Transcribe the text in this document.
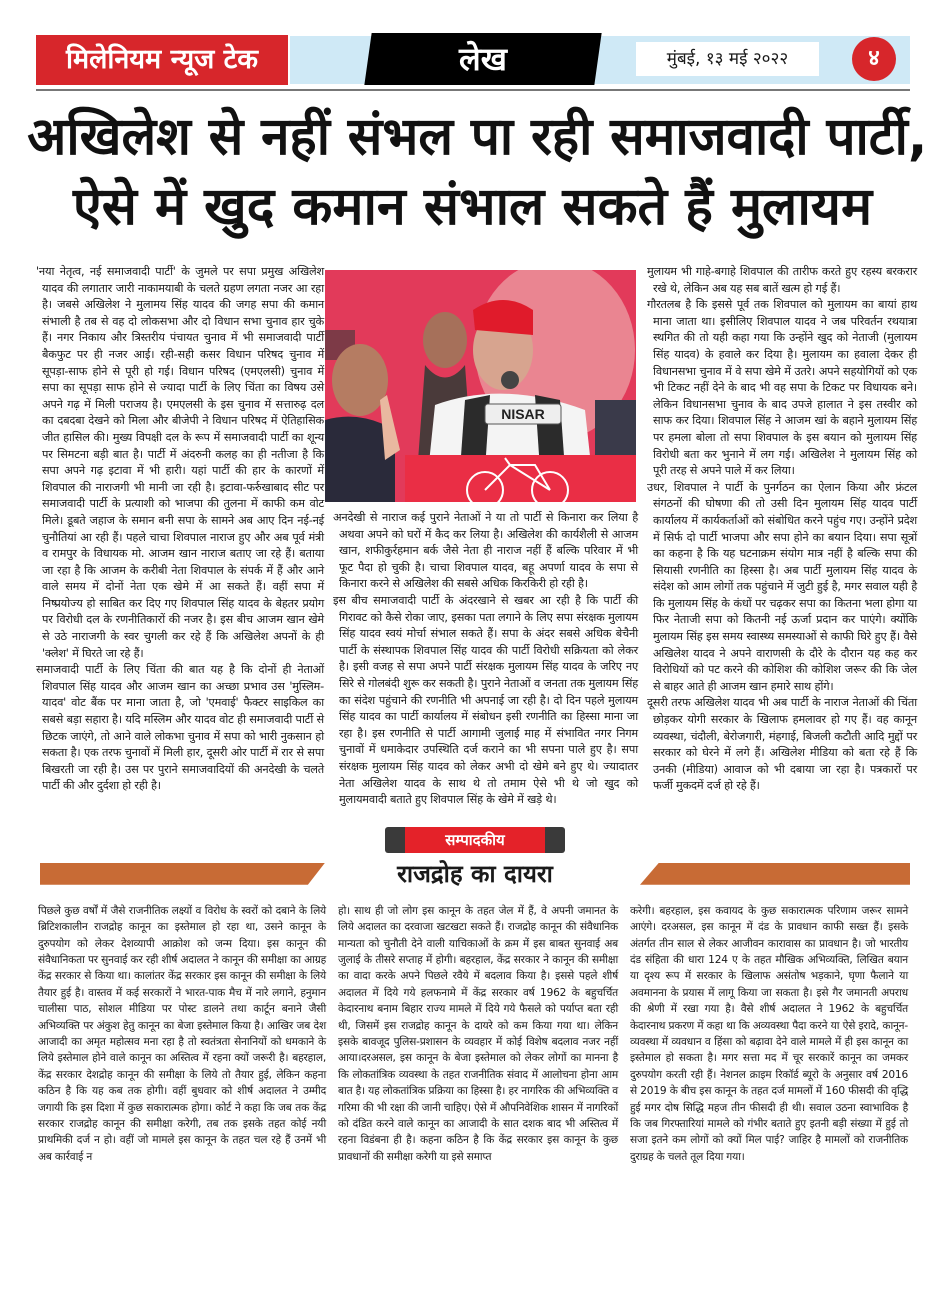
मिलेनियम न्यूज टेक	लेख	मुंबई, १३ मई २०२२	४
अखिलेश से नहीं संभल पा रही समाजवादी पार्टी,
ऐसे में खुद कमान संभाल सकते हैं मुलायम

'नया नेतृत्व, नई समाजवादी पार्टी' के जुमले पर सपा प्रमुख अखिलेश यादव की लगातार जारी नाकामयाबी के चलते ग्रहण लगता नजर आ रहा है। जबसे अखिलेश ने मुलामय सिंह यादव की जगह सपा की कमान संभाली है तब से वह दो लोकसभा और दो विधान सभा चुनाव हार चुके हैं। नगर निकाय और त्रिस्तरीय पंचायत चुनाव में भी समाजवादी पार्टी बैकफुट पर ही नजर आई। रही-सही कसर विधान परिषद चुनाव में सूपड़ा-साफ होने से पूरी हो गई। विधान परिषद (एमएलसी) चुनाव में सपा का सूपड़ा साफ होने से ज्यादा पार्टी के लिए चिंता का विषय उसे अपने गढ़ में मिली पराजय है। एमएलसी के इस चुनाव में सत्तारुढ़ दल का दबदबा देखने को मिला और बीजेपी ने विधान परिषद में ऐतिहासिक जीत हासिल की। मुख्य विपक्षी दल के रूप में समाजवादी पार्टी का शून्य पर सिमटना बड़ी बात है। पार्टी में अंदरुनी कलह का ही नतीजा है कि सपा अपने गढ़ इटावा में भी हारी। यहां पार्टी की हार के कारणों में शिवपाल की नाराजगी भी मानी जा रही है। इटावा-फर्रुखाबाद सीट पर समाजवादी पार्टी के प्रत्याशी को भाजपा की तुलना में काफी कम वोट मिले। डूबते जहाज के समान बनी सपा के सामने अब आए दिन नई-नई चुनौतियां आ रही हैं। पहले चाचा शिवपाल नाराज हुए और अब पूर्व मंत्री व रामपुर के विधायक मो. आजम खान नाराज बताए जा रहे हैं। बताया जा रहा है कि आजम के करीबी नेता शिवपाल के संपर्क में हैं और आने वाले समय में दोनों नेता एक खेमे में आ सकते हैं। वहीं सपा में निष्प्रयोज्य हो साबित कर दिए गए शिवपाल सिंह यादव के बेहतर प्रयोग पर विरोधी दल के रणनीतिकारों की नजर है। इस बीच आजम खान खेमे से उठे नाराजगी के स्वर चुगली कर रहे हैं कि अखिलेश अपनों के ही 'क्लेश' में घिरते जा रहे हैं।

समाजवादी पार्टी के लिए चिंता की बात यह है कि दोनों ही नेताओं शिवपाल सिंह यादव और आजम खान का अच्छा प्रभाव उस 'मुस्लिम-यादव' वोट बैंक पर माना जाता है, जो 'एमवाई' फैक्टर साइकिल का सबसे बड़ा सहारा है। यदि मस्लिम और यादव वोट ही समाजवादी पार्टी से छिटक जाएंगे, तो आने वाले लोकभा चुनाव में सपा को भारी नुकसान हो सकता है। एक तरफ चुनावों में मिली हार, दूसरी ओर पार्टी में रार से सपा बिखरती जा रही है। उस पर पुराने समाजवादियों की अनदेखी के चलते पार्टी की और दुर्दशा हो रही है।

NISAR

अनदेखी से नाराज कई पुराने नेताओं ने या तो पार्टी से किनारा कर लिया है अथवा अपने को घरों में कैद कर लिया है। अखिलेश की कार्यशैली से आजम खान, शफीकुर्रहमान बर्क जैसे नेता ही नाराज नहीं हैं बल्कि परिवार में भी फूट पैदा हो चुकी है। चाचा शिवपाल यादव, बहू अपर्णा यादव के सपा से किनारा करने से अखिलेश की सबसे अधिक किरकिरी हो रही है।

इस बीच समाजवादी पार्टी के अंदरखाने से खबर आ रही है कि पार्टी की गिरावट को कैसे रोका जाए, इसका पता लगाने के लिए सपा संरक्षक मुलायम सिंह यादव स्वयं मोर्चा संभाल सकते हैं। सपा के अंदर सबसे अधिक बेचैनी पार्टी के संस्थापक शिवपाल सिंह यादव की पार्टी विरोधी सक्रियता को लेकर है। इसी वजह से सपा अपने पार्टी संरक्षक मुलायम सिंह यादव के जरिए नए सिरे से गोलबंदी शुरू कर सकती है। पुराने नेताओं व जनता तक मुलायम सिंह का संदेश पहुंचाने की रणनीति भी अपनाई जा रही है। दो दिन पहले मुलायम सिंह यादव का पार्टी कार्यालय में संबोधन इसी रणनीति का हिस्सा माना जा रहा है। इस रणनीति से पार्टी आगामी जुलाई माह में संभावित नगर निगम चुनावों में धमाकेदार उपस्थिति दर्ज कराने का भी सपना पाले हुए है। सपा संरक्षक मुलायम सिंह यादव को लेकर अभी दो खेमे बने हुए थे। ज्यादातर नेता अखिलेश यादव के साथ थे तो तमाम ऐसे भी थे जो खुद को मुलायमवादी बताते हुए शिवपाल सिंह के खेमे में खड़े थे।

मुलायम भी गाहे-बगाहे शिवपाल की तारीफ करते हुए रहस्य बरकरार रखे थे, लेकिन अब यह सब बातें खत्म हो गई हैं।

गौरतलब है कि इससे पूर्व तक शिवपाल को मुलायम का बायां हाथ माना जाता था। इसीलिए शिवपाल यादव ने जब परिवर्तन रथयात्रा स्थगित की तो यही कहा गया कि उन्होंने खुद को नेताजी (मुलायम सिंह यादव) के हवाले कर दिया है। मुलायम का हवाला देकर ही विधानसभा चुनाव में वे सपा खेमे में उतरे। अपने सहयोगियों को एक भी टिकट नहीं देने के बाद भी वह सपा के टिकट पर विधायक बने। लेकिन विधानसभा चुनाव के बाद उपजे हालात ने इस तस्वीर को साफ कर दिया। शिवपाल सिंह ने आजम खां के बहाने मुलायम सिंह पर हमला बोला तो सपा शिवपाल के इस बयान को मुलायम सिंह विरोधी बता कर भुनाने में लग गई। अखिलेश ने मुलायम सिंह को पूरी तरह से अपने पाले में कर लिया।

उधर, शिवपाल ने पार्टी के पुनर्गठन का ऐलान किया और फ्रंटल संगठनों की घोषणा की तो उसी दिन मुलायम सिंह यादव पार्टी कार्यालय में कार्यकर्ताओं को संबोधित करने पहुंच गए। उन्होंने प्रदेश में सिर्फ दो पार्टी भाजपा और सपा होने का बयान दिया। सपा सूत्रों का कहना है कि यह घटनाक्रम संयोग मात्र नहीं है बल्कि सपा की सियासी रणनीति का हिस्सा है। अब पार्टी मुलायम सिंह यादव के संदेश को आम लोगों तक पहुंचाने में जुटी हुई है, मगर सवाल यही है कि मुलायम सिंह के कंधों पर चढ़कर सपा का कितना भला होगा या फिर नेताजी सपा को कितनी नई ऊर्जा प्रदान कर पाएंगे। क्योंकि मुलायम सिंह इस समय स्वास्थ्य समस्याओं से काफी घिरे हुए हैं। वैसे अखिलेश यादव ने अपने वाराणसी के दौरे के दौरान यह कह कर विरोधियों को पट करने की कोशिश की कोशिश जरूर की कि जेल से बाहर आते ही आजम खान हमारे साथ होंगे।

दूसरी तरफ अखिलेश यादव भी अब पार्टी के नाराज नेताओं की चिंता छोड़कर योगी सरकार के खिलाफ हमलावर हो गए हैं। वह कानून व्यवस्था, चंदौली, बेरोजगारी, मंहगाई, बिजली कटौती आदि मुद्दों पर सरकार को घेरने में लगे हैं। अखिलेश मीडिया को बता रहे हैं कि उनकी (मीडिया) आवाज को भी दबाया जा रहा है। पत्रकारों पर फर्जी मुकदमें दर्ज हो रहे हैं।

सम्पादकीय
राजद्रोह का दायरा

पिछले कुछ वर्षों में जैसे राजनीतिक लक्ष्यों व विरोध के स्वरों को दबाने के लिये ब्रिटिशकालीन राजद्रोह कानून का इस्तेमाल हो रहा था, उसने कानून के दुरुपयोग को लेकर देशव्यापी आक्रोश को जन्म दिया। इस कानून की संवैधानिकता पर सुनवाई कर रही शीर्ष अदालत ने कानून की समीक्षा का आग्रह केंद्र सरकार से किया था। कालांतर केंद्र सरकार इस कानून की समीक्षा के लिये तैयार हुई है। वास्तव में कई सरकारों ने भारत-पाक मैच में नारे लगाने, हनुमान चालीसा पाठ, सोशल मीडिया पर पोस्ट डालने तथा कार्टून बनाने जैसी अभिव्यक्ति पर अंकुश हेतु कानून का बेजा इस्तेमाल किया है। आखिर जब देश आजादी का अमृत महोत्सव मना रहा है तो स्वतंत्रता सेनानियों को धमकाने के लिये इस्तेमाल होने वाले कानून का अस्तित्व में रहना क्यों जरूरी है। बहरहाल, केंद्र सरकार देशद्रोह कानून की समीक्षा के लिये तो तैयार हुई, लेकिन कहना कठिन है कि यह कब तक होगी। वहीं बुधवार को शीर्ष अदालत ने उम्मीद जगायी कि इस दिशा में कुछ सकारात्मक होगा। कोर्ट ने कहा कि जब तक केंद्र सरकार राजद्रोह कानून की समीक्षा करेगी, तब तक इसके तहत कोई नयी प्राथमिकी दर्ज न हो। वहीं जो मामले इस कानून के तहत चल रहे हैं उनमें भी अब कार्रवाई न

हो। साथ ही जो लोग इस कानून के तहत जेल में हैं, वे अपनी जमानत के लिये अदालत का दरवाजा खटखटा सकते हैं। राजद्रोह कानून की संवैधानिक मान्यता को चुनौती देने वाली याचिकाओं के क्रम में इस बाबत सुनवाई अब जुलाई के तीसरे सप्ताह में होगी। बहरहाल, केंद्र सरकार ने कानून की समीक्षा का वादा करके अपने पिछले रवैये में बदलाव किया है। इससे पहले शीर्ष अदालत में दिये गये हलफनामे में केंद्र सरकार वर्ष 1962 के बहुचर्चित केदारनाथ बनाम बिहार राज्य मामले में दिये गये फैसले को पर्याप्त बता रही थी, जिसमें इस राजद्रोह कानून के दायरे को कम किया गया था। लेकिन इसके बावजूद पुलिस-प्रशासन के व्यवहार में कोई विशेष बदलाव नजर नहीं आया।दरअसल, इस कानून के बेजा इस्तेमाल को लेकर लोगों का मानना है कि लोकतांत्रिक व्यवस्था के तहत राजनीतिक संवाद में आलोचना होना आम बात है। यह लोकतांत्रिक प्रक्रिया का हिस्सा है। हर नागरिक की अभिव्यक्ति व गरिमा की भी रक्षा की जानी चाहिए। ऐसे में औपनिवेशिक शासन में नागरिकों को दंडित करने वाले कानून का आजादी के सात दशक बाद भी अस्तित्व में रहना विडंबना ही है। कहना कठिन है कि केंद्र सरकार इस कानून के कुछ प्रावधानों की समीक्षा करेगी या इसे समाप्त

करेगी। बहरहाल, इस कवायद के कुछ सकारात्मक परिणाम जरूर सामने आएंगे। दरअसल, इस कानून में दंड के प्रावधान काफी सख्त हैं। इसके अंतर्गत तीन साल से लेकर आजीवन कारावास का प्रावधान है। जो भारतीय दंड संहिता की धारा 124 ए के तहत मौखिक अभिव्यक्ति, लिखित बयान या दृश्य रूप में सरकार के खिलाफ असंतोष भड़काने, घृणा फैलाने या अवमानना के प्रयास में लागू किया जा सकता है। इसे गैर जमानती अपराध की श्रेणी में रखा गया है। वैसे शीर्ष अदालत ने 1962 के बहुचर्चित केदारनाथ प्रकरण में कहा था कि अव्यवस्था पैदा करने या ऐसे इरादे, कानून-व्यवस्था में व्यवधान व हिंसा को बढ़ावा देने वाले मामले में ही इस कानून का इस्तेमाल हो सकता है। मगर सत्ता मद में चूर सरकारें कानून का जमकर दुरुपयोग करती रही हैं। नेशनल क्राइम रिकॉर्ड ब्यूरो के अनुसार वर्ष 2016 से 2019 के बीच इस कानून के तहत दर्ज मामलों में 160 फीसदी की वृद्धि हुई मगर दोष सिद्धि महज तीन फीसदी ही थी। सवाल उठना स्वाभाविक है कि जब गिरफ्तारियां मामले को गंभीर बताते हुए इतनी बड़ी संख्या में हुई तो सजा इतने कम लोगों को क्यों मिल पाई? जाहिर है मामलों को राजनीतिक दुराग्रह के चलते तूल दिया गया।
